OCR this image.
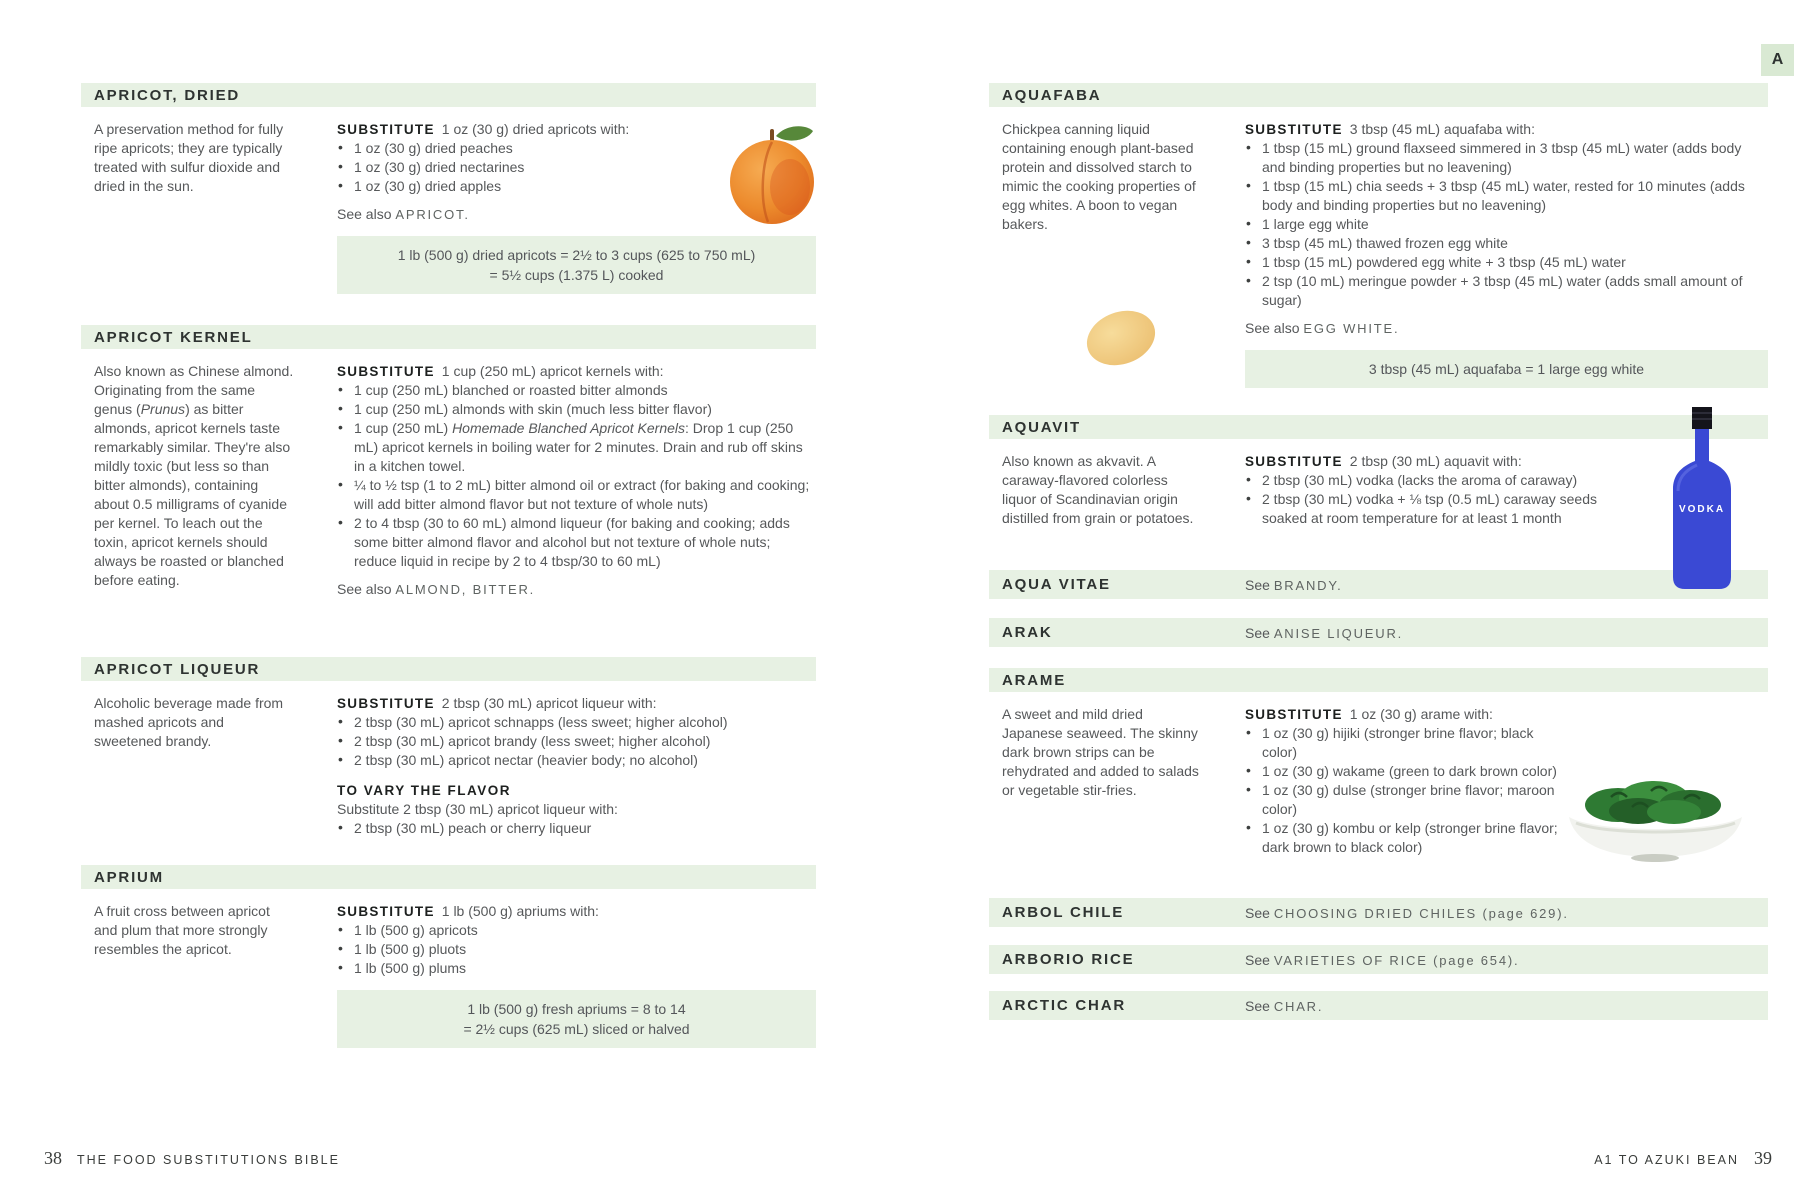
A
APRICOT, DRIED

A preservation method for fully ripe apricots; they are typically treated with sulfur dioxide and dried in the sun.

SUBSTITUTE 1 oz (30 g) dried apricots with:

• 1 oz (30 g) dried peaches
• 1 oz (30 g) dried nectarines
• 1 oz (30 g) dried apples

See also APRICOT.

1 lb (500 g) dried apricots = 2½ to 3 cups (625 to 750 mL)
= 5½ cups (1.375 L) cooked
APRICOT KERNEL

Also known as Chinese almond. Originating from the same genus (Prunus) as bitter almonds, apricot kernels taste remarkably similar. They're also mildly toxic (but less so than bitter almonds), containing about 0.5 milligrams of cyanide per kernel. To leach out the toxin, apricot kernels should always be roasted or blanched before eating.

SUBSTITUTE 1 cup (250 mL) apricot kernels with:

• 1 cup (250 mL) blanched or roasted bitter almonds
• 1 cup (250 mL) almonds with skin (much less bitter flavor)
• 1 cup (250 mL) Homemade Blanched Apricot Kernels: Drop 1 cup (250 mL) apricot kernels in boiling water for 2 minutes. Drain and rub off skins in a kitchen towel.
• ¼ to ½ tsp (1 to 2 mL) bitter almond oil or extract (for baking and cooking; will add bitter almond flavor but not texture of whole nuts)
• 2 to 4 tbsp (30 to 60 mL) almond liqueur (for baking and cooking; adds some bitter almond flavor and alcohol but not texture of whole nuts; reduce liquid in recipe by 2 to 4 tbsp/30 to 60 mL)

See also ALMOND, BITTER.

APRICOT LIQUEUR

Alcoholic beverage made from mashed apricots and sweetened brandy.

SUBSTITUTE 2 tbsp (30 mL) apricot liqueur with:

• 2 tbsp (30 mL) apricot schnapps (less sweet; higher alcohol)
• 2 tbsp (30 mL) apricot brandy (less sweet; higher alcohol)
• 2 tbsp (30 mL) apricot nectar (heavier body; no alcohol)

TO VARY THE FLAVOR

Substitute 2 tbsp (30 mL) apricot liqueur with:

• 2 tbsp (30 mL) peach or cherry liqueur
APRIUM

A fruit cross between apricot and plum that more strongly resembles the apricot.

SUBSTITUTE 1 lb (500 g) apriums with:

• 1 lb (500 g) apricots
• 1 lb (500 g) pluots
• 1 lb (500 g) plums
1 lb (500 g) fresh apriums = 8 to 14
= 2½ cups (625 mL) sliced or halved
AQUAFABA

Chickpea canning liquid containing enough plant-based protein and dissolved starch to mimic the cooking properties of egg whites. A boon to vegan bakers.

SUBSTITUTE 3 tbsp (45 mL) aquafaba with:

• 1 tbsp (15 mL) ground flaxseed simmered in 3 tbsp (45 mL) water (adds body and binding properties but no leavening)
• 1 tbsp (15 mL) chia seeds + 3 tbsp (45 mL) water, rested for 10 minutes (adds body and binding properties but no leavening)
• 1 large egg white
• 3 tbsp (45 mL) thawed frozen egg white
• 1 tbsp (15 mL) powdered egg white + 3 tbsp (45 mL) water
• 2 tsp (10 mL) meringue powder + 3 tbsp (45 mL) water (adds small amount of sugar)

See also EGG WHITE.

3 tbsp (45 mL) aquafaba = 1 large egg white
AQUAVIT

Also known as akvavit. A caraway-flavored colorless liquor of Scandinavian origin distilled from grain or potatoes.

SUBSTITUTE 2 tbsp (30 mL) aquavit with:

• 2 tbsp (30 mL) vodka (lacks the aroma of caraway)
• 2 tbsp (30 mL) vodka + ⅛ tsp (0.5 mL) caraway seeds soaked at room temperature for at least 1 month
AQUA VITAE	See BRANDY.
ARAK	See ANISE LIQUEUR.
ARAME

A sweet and mild dried Japanese seaweed. The skinny dark brown strips can be rehydrated and added to salads or vegetable stir-fries.

SUBSTITUTE 1 oz (30 g) arame with:

• 1 oz (30 g) hijiki (stronger brine flavor; black color)
• 1 oz (30 g) wakame (green to dark brown color)
• 1 oz (30 g) dulse (stronger brine flavor; maroon color)
• 1 oz (30 g) kombu or kelp (stronger brine flavor; dark brown to black color)
ARBOL CHILE	See CHOOSING DRIED CHILES (page 629).
ARBORIO RICE	See VARIETIES OF RICE (page 654).
ARCTIC CHAR	See CHAR.
VODKA
38 THE FOOD SUBSTITUTIONS BIBLE	A1 TO AZUKI BEAN 39
